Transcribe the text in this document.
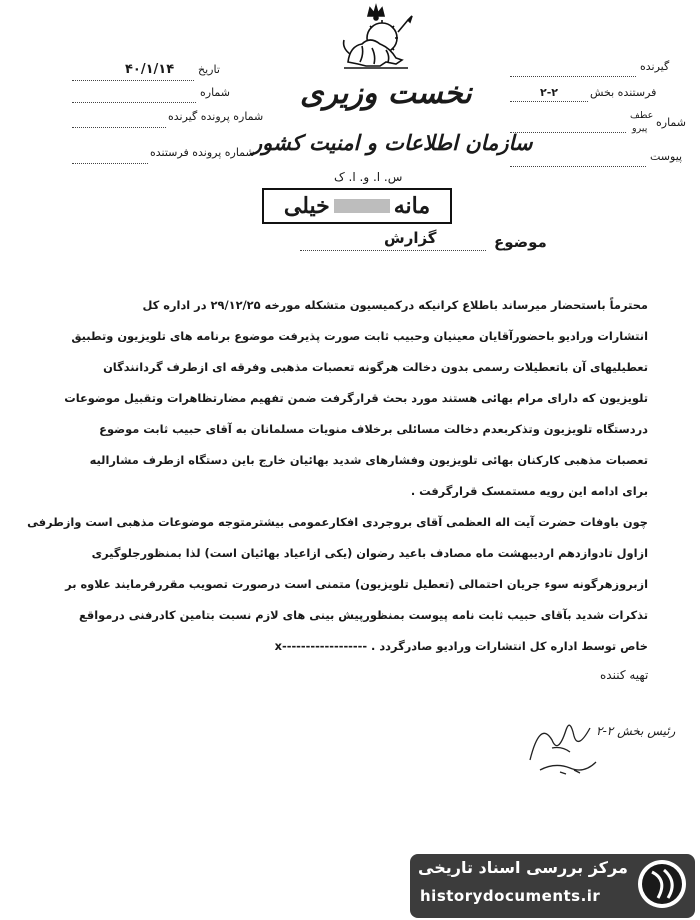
تاریخ
۴۰/۱/۱۴
شماره
شماره پرونده گیرنده
شماره پرونده فرستنده
نخست وزیری
سازمان اطلاعات و امنیت کشور
س. ا. و. ا. ک
گیرنده
فرستنده بخش
۲-۲
شماره
عطف
پیرو
پیوست
مانه
خیلی
موضوع
گزارش
محترماً باستحضار میرساند باطلاع کرانیکه درکمیسیون متشکله مورخه ۲۹/۱۲/۲۵ در اداره کل
انتشارات ورادیو باحضورآقایان معینیان وحبیب ثابت صورت پذیرفت موضوع برنامه های تلویزیون وتطبیق
تعطیلیهای آن باتعطیلات رسمی بدون دخالت هرگونه تعصبات مذهبی وفرقه ای ازطرف گردانندگان
تلویزیون که دارای مرام بهائی هستند مورد بحث قرارگرفت ضمن تفهیم مضارتظاهرات وتقبیل موضوعات
دردستگاه تلویزیون وتذکربعدم دخالت مسائلی برخلاف منویات مسلمانان به آقای حبیب ثابت موضوع
تعصبات مذهبی کارکنان بهائی تلویزیون وفشارهای شدید بهائیان خارج باین دستگاه ازطرف مشارالیه
برای ادامه این رویه مستمسک قرارگرفت .
چون باوفات حضرت آیت اله العظمی آقای بروجردی افکارعمومی بیشترمتوجه موضوعات مذهبی است وازطرفی
ازاول تادوازدهم اردیبهشت ماه مصادف باعید رضوان (یکی ازاعیاد بهائیان است) لذا بمنظورجلوگیری
ازبروزهرگونه سوء جریان احتمالی (تعطیل تلویزیون) متمنی است درصورت تصویب مقررفرمایند علاوه بر
تذکرات شدید بآقای حبیب ثابت نامه پیوست بمنظورپیش بینی های لازم نسبت بتامین کادرفنی درمواقع
خاص توسط اداره کل انتشارات ورادیو صادرگردد . ------------------x
تهیه کننده
رئیس بخش ۲-۲
مرکز بررسی اسناد تاریخی
historydocuments.ir
